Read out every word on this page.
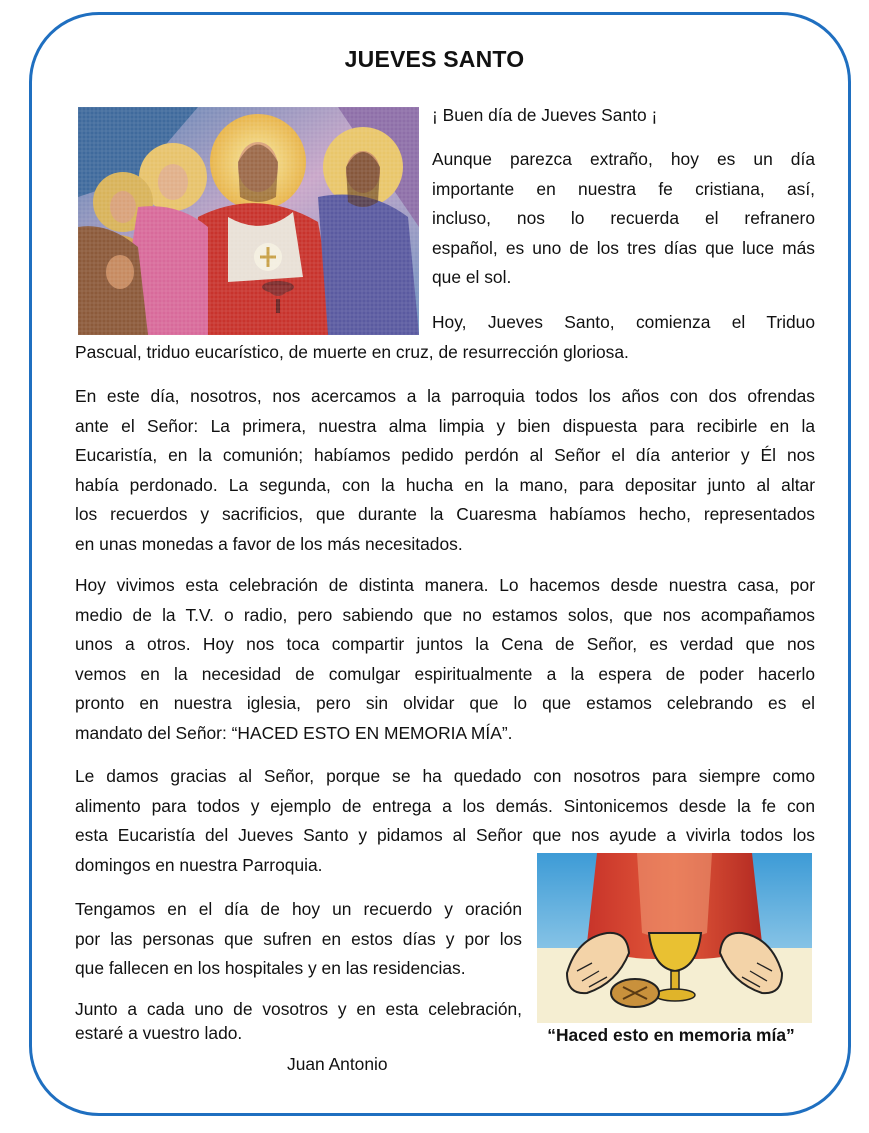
JUEVES SANTO

¡ Buen día de Jueves Santo ¡

Aunque parezca extraño, hoy es un día
importante en nuestra fe cristiana, así,
incluso, nos lo recuerda el refranero
español, es uno de los tres días que luce más
que el sol.
Hoy, Jueves Santo, comienza el Triduo
Pascual, triduo eucarístico, de muerte en cruz, de resurrección gloriosa.
En este día, nosotros, nos acercamos a la parroquia todos los años con dos ofrendas
ante el Señor: La primera, nuestra alma limpia y bien dispuesta para recibirle en la
Eucaristía, en la comunión; habíamos pedido perdón al Señor el día anterior y Él nos
había perdonado. La segunda, con la hucha en la mano, para depositar junto al altar
los recuerdos y sacrificios, que durante la Cuaresma habíamos hecho, representados
en unas monedas a favor de los más necesitados.
Hoy vivimos esta celebración de distinta manera. Lo hacemos desde nuestra casa, por
medio de la T.V. o radio, pero sabiendo que no estamos solos, que nos acompañamos
unos a otros. Hoy nos toca compartir juntos la Cena de Señor, es verdad que nos
vemos en la necesidad de comulgar espiritualmente a la espera de poder hacerlo
pronto en nuestra iglesia, pero sin olvidar que lo que estamos celebrando es el
mandato del Señor: “HACED ESTO EN MEMORIA MÍA”.
Le damos gracias al Señor, porque se ha quedado con nosotros para siempre como
alimento para todos y ejemplo de entrega a los demás. Sintonicemos desde la fe con
esta Eucaristía del Jueves Santo y pidamos al Señor que nos ayude a vivirla todos los
domingos en nuestra Parroquia.
Tengamos en el día de hoy un recuerdo y oración
por las personas que sufren en estos días y por los
que fallecen en los hospitales y en las residencias.
Junto a cada uno de vosotros y en esta celebración,
estaré a vuestro lado.
Juan Antonio
“Haced esto en memoria mía”
